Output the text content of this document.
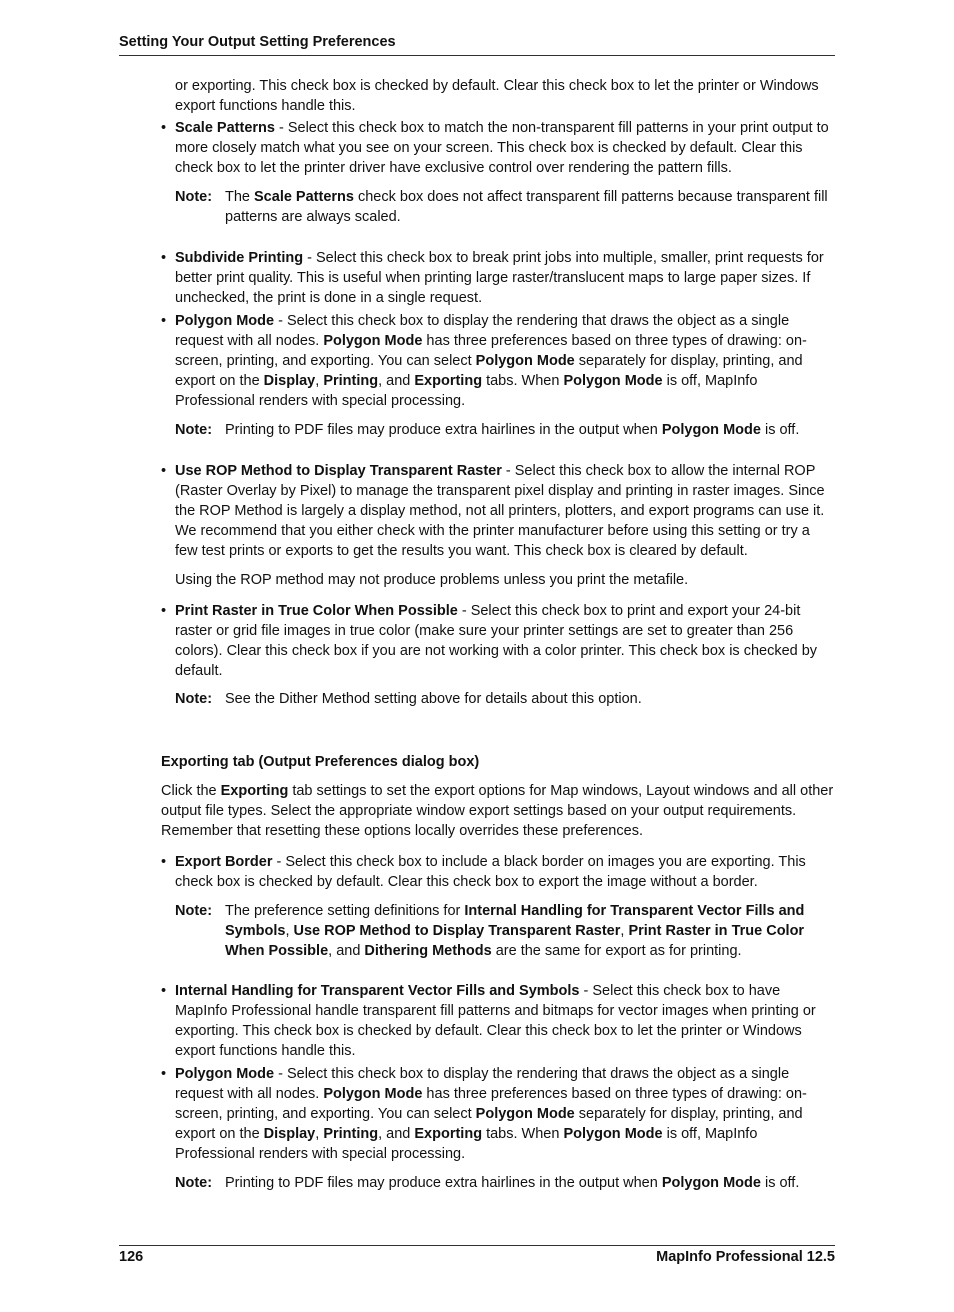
Setting Your Output Setting Preferences

or exporting. This check box is checked by default. Clear this check box to let the printer or Windows export functions handle this.

• Scale Patterns - Select this check box to match the non-transparent fill patterns in your print output to more closely match what you see on your screen. This check box is checked by default. Clear this check box to let the printer driver have exclusive control over rendering the pattern fills.

Note: The Scale Patterns check box does not affect transparent fill patterns because transparent fill patterns are always scaled.
• Subdivide Printing - Select this check box to break print jobs into multiple, smaller, print requests for better print quality. This is useful when printing large raster/translucent maps to large paper sizes. If unchecked, the print is done in a single request.

• Polygon Mode - Select this check box to display the rendering that draws the object as a single request with all nodes. Polygon Mode has three preferences based on three types of drawing: on-screen, printing, and exporting. You can select Polygon Mode separately for display, printing, and export on the Display, Printing, and Exporting tabs. When Polygon Mode is off, MapInfo Professional renders with special processing.

Note: Printing to PDF files may produce extra hairlines in the output when Polygon Mode is off.
• Use ROP Method to Display Transparent Raster - Select this check box to allow the internal ROP (Raster Overlay by Pixel) to manage the transparent pixel display and printing in raster images. Since the ROP Method is largely a display method, not all printers, plotters, and export programs can use it. We recommend that you either check with the printer manufacturer before using this setting or try a few test prints or exports to get the results you want. This check box is cleared by default.

Using the ROP method may not produce problems unless you print the metafile.

• Print Raster in True Color When Possible - Select this check box to print and export your 24-bit raster or grid file images in true color (make sure your printer settings are set to greater than 256 colors). Clear this check box if you are not working with a color printer. This check box is checked by default.

Note: See the Dither Method setting above for details about this option.

Exporting tab (Output Preferences dialog box)

Click the Exporting tab settings to set the export options for Map windows, Layout windows and all other output file types. Select the appropriate window export settings based on your output requirements. Remember that resetting these options locally overrides these preferences.

• Export Border - Select this check box to include a black border on images you are exporting. This check box is checked by default. Clear this check box to export the image without a border.

Note: The preference setting definitions for Internal Handling for Transparent Vector Fills and Symbols, Use ROP Method to Display Transparent Raster, Print Raster in True Color When Possible, and Dithering Methods are the same for export as for printing.
• Internal Handling for Transparent Vector Fills and Symbols - Select this check box to have MapInfo Professional handle transparent fill patterns and bitmaps for vector images when printing or exporting. This check box is checked by default. Clear this check box to let the printer or Windows export functions handle this.

• Polygon Mode - Select this check box to display the rendering that draws the object as a single request with all nodes. Polygon Mode has three preferences based on three types of drawing: on-screen, printing, and exporting. You can select Polygon Mode separately for display, printing, and export on the Display, Printing, and Exporting tabs. When Polygon Mode is off, MapInfo Professional renders with special processing.

Note: Printing to PDF files may produce extra hairlines in the output when Polygon Mode is off.
126	MapInfo Professional 12.5
